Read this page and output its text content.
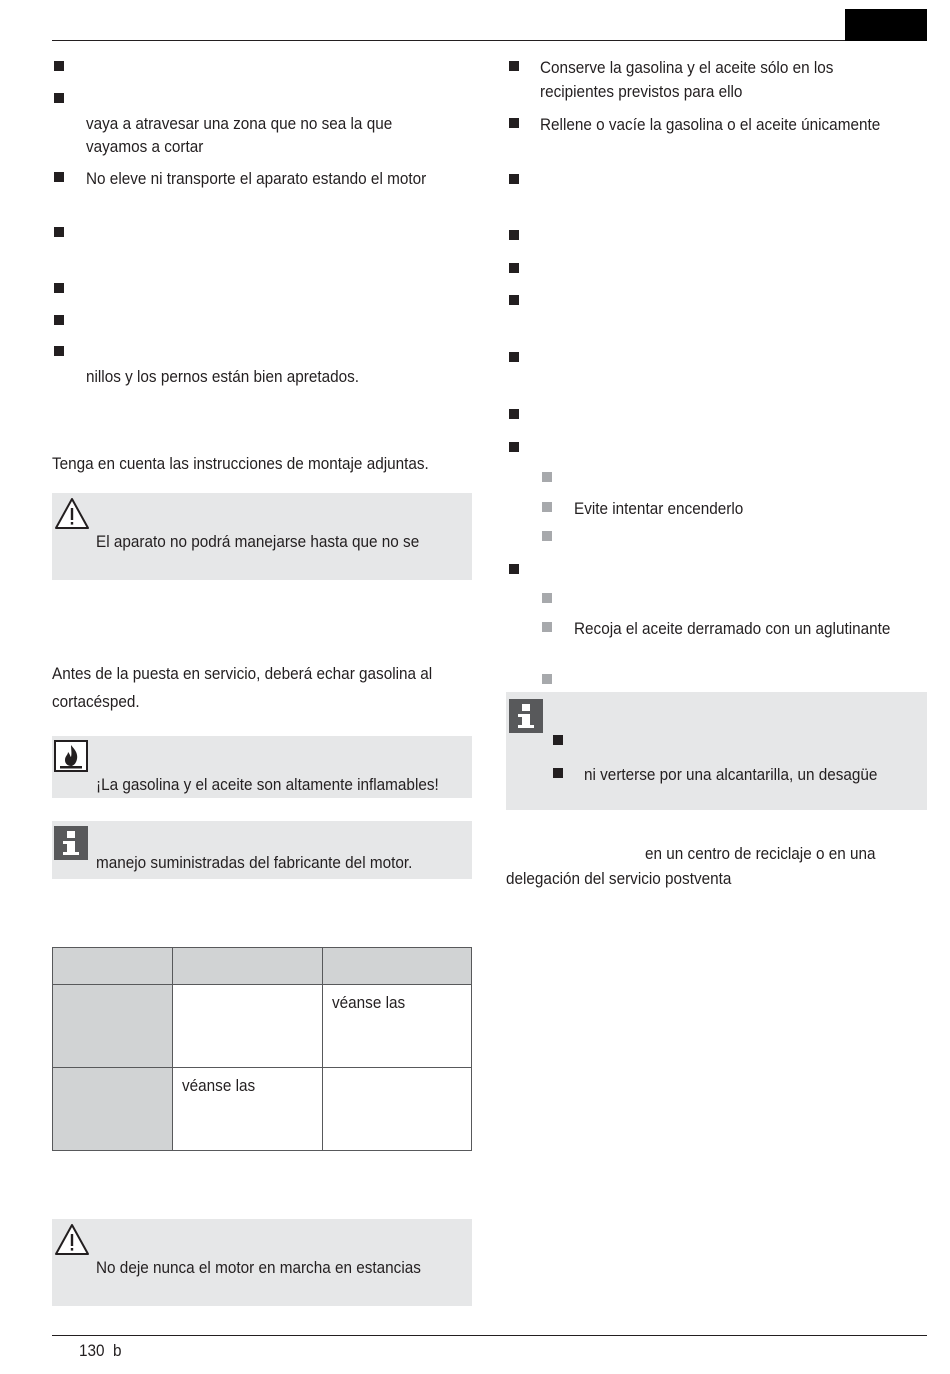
vaya a atravesar una zona que no sea la que
vayamos a cortar
No eleve ni transporte el aparato estando el motor
nillos y los pernos están bien apretados.
Tenga en cuenta las instrucciones de montaje adjuntas.
El aparato no podrá manejarse hasta que no se
Antes de la puesta en servicio, deberá echar gasolina al
cortacésped.
¡La gasolina y el aceite son altamente inflamables!
manejo suministradas del fabricante del motor.

		véanse las
	véanse las	
No deje nunca el motor en marcha en estancias
Conserve la gasolina y el aceite sólo en los
recipientes previstos para ello
Rellene o vacíe la gasolina o el aceite únicamente
Evite intentar encenderlo
Recoja el aceite derramado con un aglutinante
ni verterse por una alcantarilla, un desagüe
en un centro de reciclaje o en una
delegación del servicio postventa
130 b
